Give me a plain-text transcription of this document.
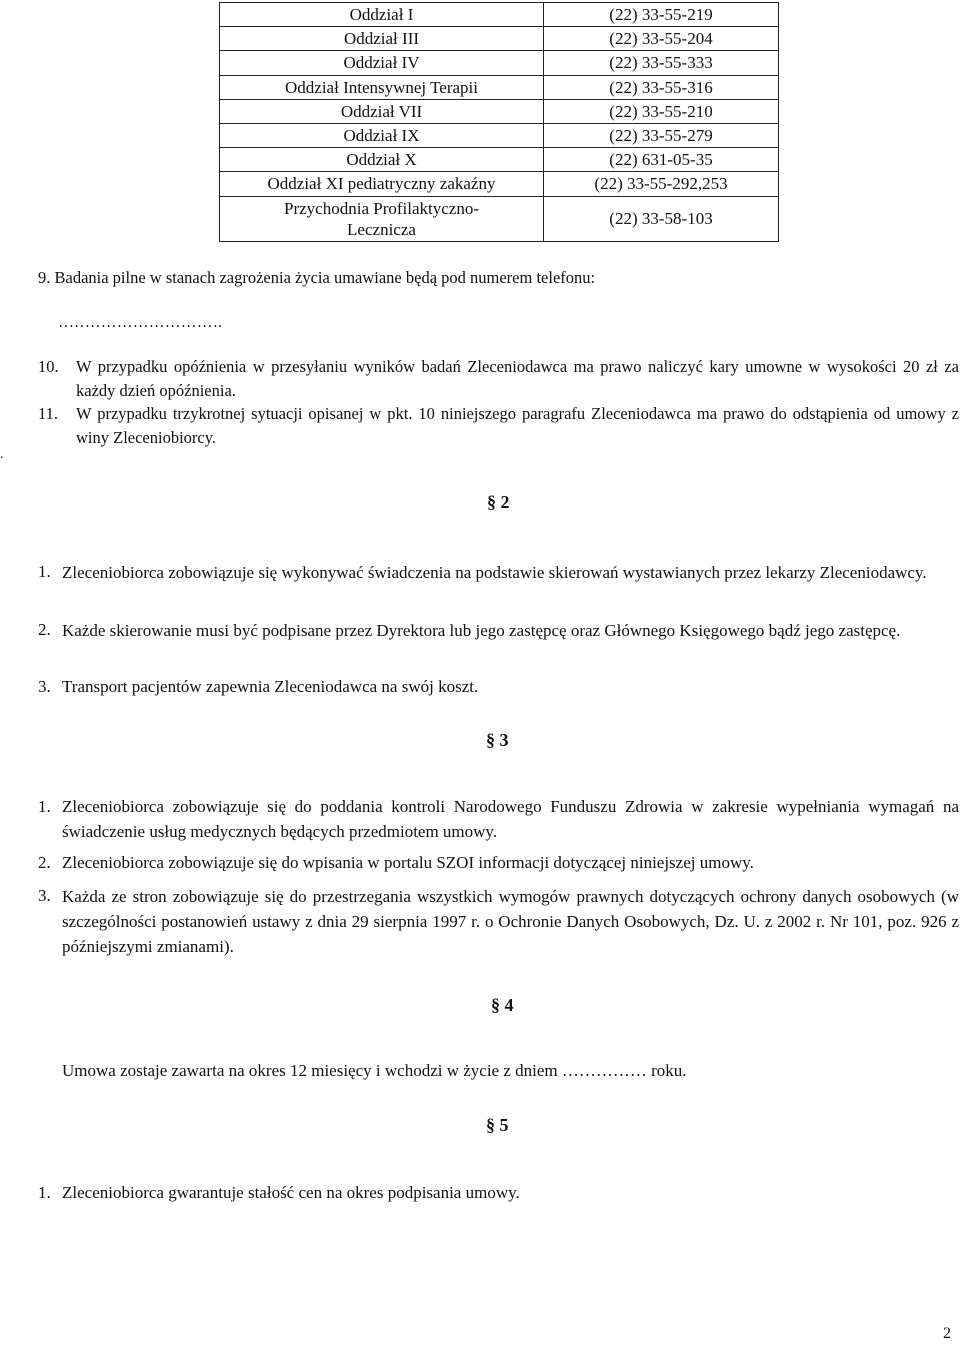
Oddział I	(22) 33-55-219
Oddział III	(22) 33-55-204
Oddział IV	(22) 33-55-333
Oddział Intensywnej Terapii	(22) 33-55-316
Oddział VII	(22) 33-55-210
Oddział IX	(22) 33-55-279
Oddział X	(22) 631-05-35
Oddział XI pediatryczny zakaźny	(22) 33-55-292,253

Przychodnia Profilaktyczno-
Lecznicza	(22) 33-58-103
9. Badania pilne w stanach zagrożenia życia umawiane będą pod numerem telefonu:
………………………….
10. W przypadku opóźnienia w przesyłaniu wyników badań Zleceniodawca ma prawo naliczyć kary umowne w wysokości 20 zł za każdy dzień opóźnienia.
11. W przypadku trzykrotnej sytuacji opisanej w pkt. 10 niniejszego paragrafu Zleceniodawca ma prawo do odstąpienia od umowy z winy Zleceniobiorcy.
.
§ 2
1. Zleceniobiorca zobowiązuje się wykonywać świadczenia na podstawie skierowań wystawianych przez lekarzy Zleceniodawcy.
2. Każde skierowanie musi być podpisane przez Dyrektora lub jego zastępcę oraz Głównego Księgowego bądź jego zastępcę.
3. Transport pacjentów zapewnia Zleceniodawca na swój koszt.
§ 3
1. Zleceniobiorca zobowiązuje się do poddania kontroli Narodowego Funduszu Zdrowia w zakresie wypełniania wymagań na świadczenie usług medycznych będących przedmiotem umowy.
2. Zleceniobiorca zobowiązuje się do wpisania w portalu SZOI informacji dotyczącej niniejszej umowy.
3. Każda ze stron zobowiązuje się do przestrzegania wszystkich wymogów prawnych dotyczących ochrony danych osobowych (w szczególności postanowień ustawy z dnia 29 sierpnia 1997 r. o Ochronie Danych Osobowych, Dz. U. z 2002 r. Nr 101, poz. 926 z późniejszymi zmianami).
§ 4
Umowa zostaje zawarta na okres 12 miesięcy i wchodzi w życie z dniem …………… roku.
§ 5
1. Zleceniobiorca gwarantuje stałość cen na okres podpisania umowy.
2
